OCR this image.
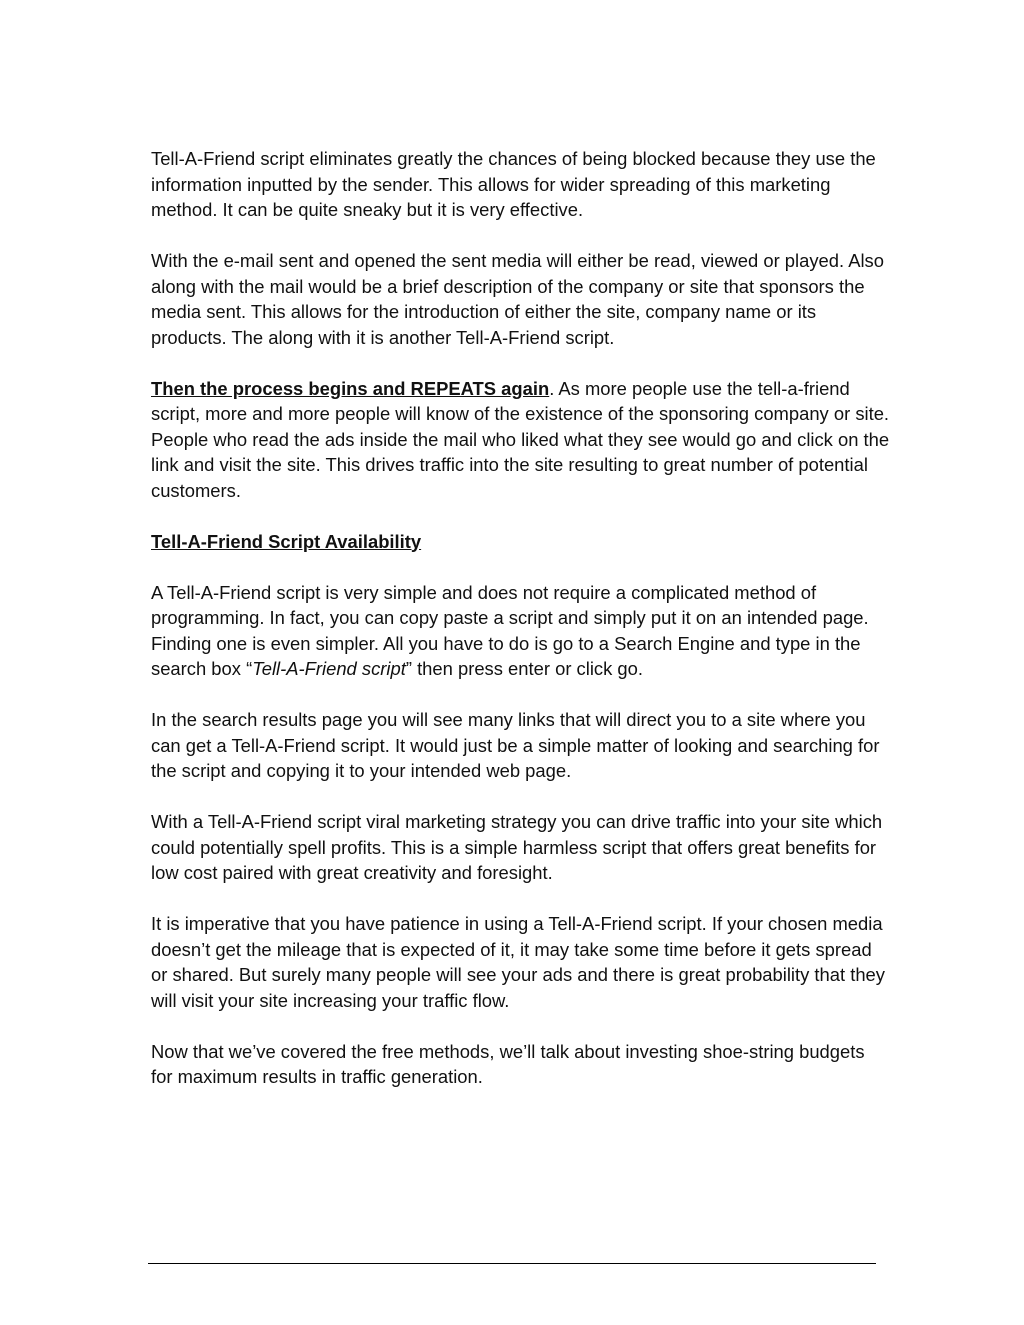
Tell-A-Friend script eliminates greatly the chances of being blocked because they use the information inputted by the sender. This allows for wider spreading of this marketing method. It can be quite sneaky but it is very effective.

With the e-mail sent and opened the sent media will either be read, viewed or played. Also along with the mail would be a brief description of the company or site that sponsors the media sent. This allows for the introduction of either the site, company name or its products. The along with it is another Tell-A-Friend script.

Then the process begins and REPEATS again. As more people use the tell-a-friend script, more and more people will know of the existence of the sponsoring company or site. People who read the ads inside the mail who liked what they see would go and click on the link and visit the site. This drives traffic into the site resulting to great number of potential customers.

Tell-A-Friend Script Availability

A Tell-A-Friend script is very simple and does not require a complicated method of programming. In fact, you can copy paste a script and simply put it on an intended page. Finding one is even simpler. All you have to do is go to a Search Engine and type in the search box “Tell-A-Friend script” then press enter or click go.

In the search results page you will see many links that will direct you to a site where you can get a Tell-A-Friend script. It would just be a simple matter of looking and searching for the script and copying it to your intended web page.

With a Tell-A-Friend script viral marketing strategy you can drive traffic into your site which could potentially spell profits. This is a simple harmless script that offers great benefits for low cost paired with great creativity and foresight.

It is imperative that you have patience in using a Tell-A-Friend script. If your chosen media doesn’t get the mileage that is expected of it, it may take some time before it gets spread or shared. But surely many people will see your ads and there is great probability that they will visit your site increasing your traffic flow.

Now that we’ve covered the free methods, we’ll talk about investing shoe-string budgets for maximum results in traffic generation.
